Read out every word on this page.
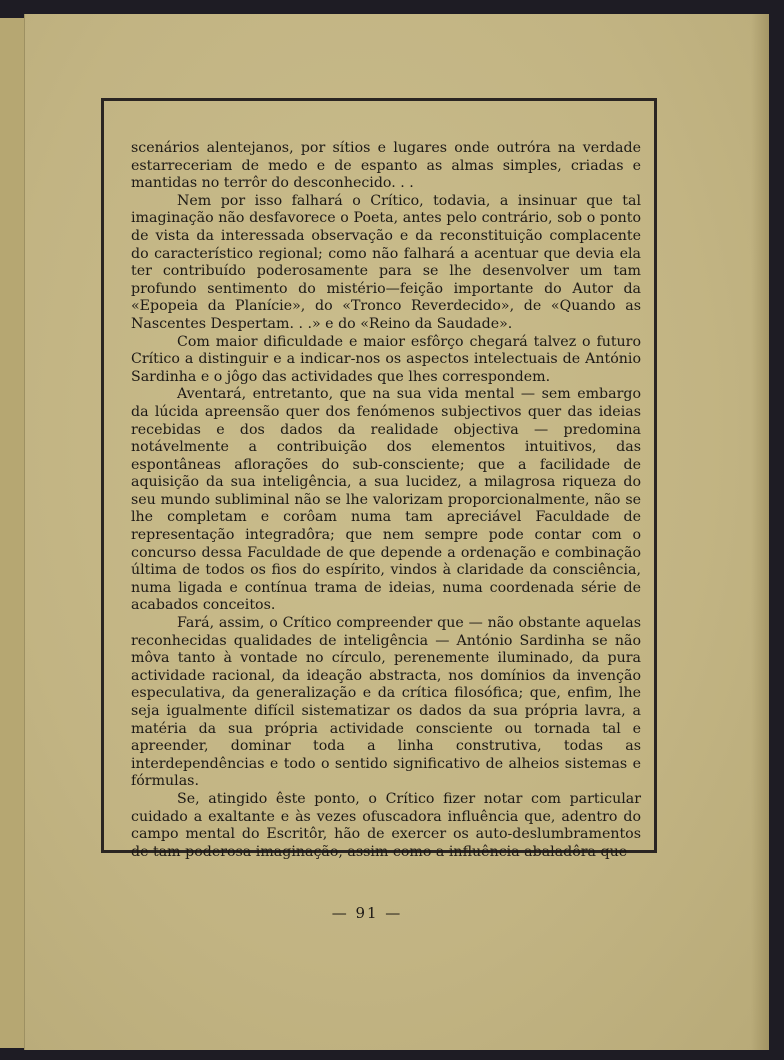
scenários alentejanos, por sítios e lugares onde outróra na verdade estarreceriam de medo e de espanto as almas simples, criadas e mantidas no terrôr do desconhecido. . .

Nem por isso falhará o Crítico, todavia, a insinuar que tal imaginação não desfavorece o Poeta, antes pelo contrário, sob o ponto de vista da interessada observação e da reconstituição complacente do característico regional; como não falhará a acentuar que devia ela ter contribuído poderosamente para se lhe desenvolver um tam profundo sentimento do mistério—feição importante do Autor da «Epopeia da Planície», do «Tronco Reverdecido», de «Quando as Nascentes Despertam. . .» e do «Reino da Saudade».

Com maior dificuldade e maior esfôrço chegará talvez o futuro Crítico a distinguir e a indicar-nos os aspectos intelectuais de António Sardinha e o jôgo das actividades que lhes correspondem.

Aventará, entretanto, que na sua vida mental — sem embargo da lúcida apreensão quer dos fenómenos subjectivos quer das ideias recebidas e dos dados da realidade objectiva — predomina notávelmente a contribuição dos elementos intuitivos, das espontâneas aflorações do sub-consciente; que a facilidade de aquisição da sua inteligência, a sua lucidez, a milagrosa riqueza do seu mundo subliminal não se lhe valorizam proporcionalmente, não se lhe completam e corôam numa tam apreciável Faculdade de representação integradôra; que nem sempre pode contar com o concurso dessa Faculdade de que depende a ordenação e combinação última de todos os fios do espírito, vindos à claridade da consciência, numa ligada e contínua trama de ideias, numa coordenada série de acabados conceitos.

Fará, assim, o Crítico compreender que — não obstante aquelas reconhecidas qualidades de inteligência — António Sardinha se não môva tanto à vontade no círculo, perenemente iluminado, da pura actividade racional, da ideação abstracta, nos domínios da invenção especulativa, da generalização e da crítica filosófica; que, enfim, lhe seja igualmente difícil sistematizar os dados da sua própria lavra, a matéria da sua própria actividade consciente ou tornada tal e apreender, dominar toda a linha construtiva, todas as interdependências e todo o sentido significativo de alheios sistemas e fórmulas.

Se, atingido êste ponto, o Crítico fizer notar com particular cuidado a exaltante e às vezes ofuscadora influência que, adentro do campo mental do Escritôr, hão de exercer os auto-deslumbramentos de tam poderosa imaginação, assim como a influência abaladôra que

— 91 —
